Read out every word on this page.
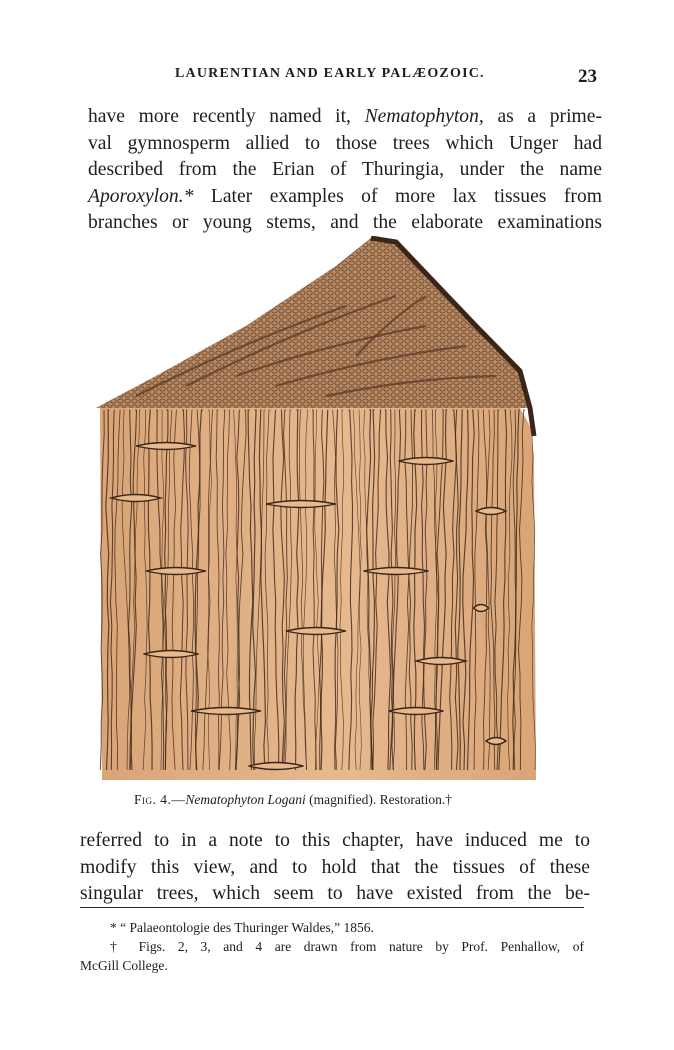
LAURENTIAN AND EARLY PALÆOZOIC.	23
have more recently named it, Nematophyton, as a prime-
val gymnosperm allied to those trees which Unger had
described from the Erian of Thuringia, under the name
Aporoxylon.* Later examples of more lax tissues from
branches or young stems, and the elaborate examinations
Fig. 4.—Nematophyton Logani (magnified). Restoration.†
referred to in a note to this chapter, have induced me to
modify this view, and to hold that the tissues of these
singular trees, which seem to have existed from the be-
* “ Palaeontologie des Thuringer Waldes,” 1856.
† Figs. 2, 3, and 4 are drawn from nature by Prof. Penhallow, of
McGill College.
